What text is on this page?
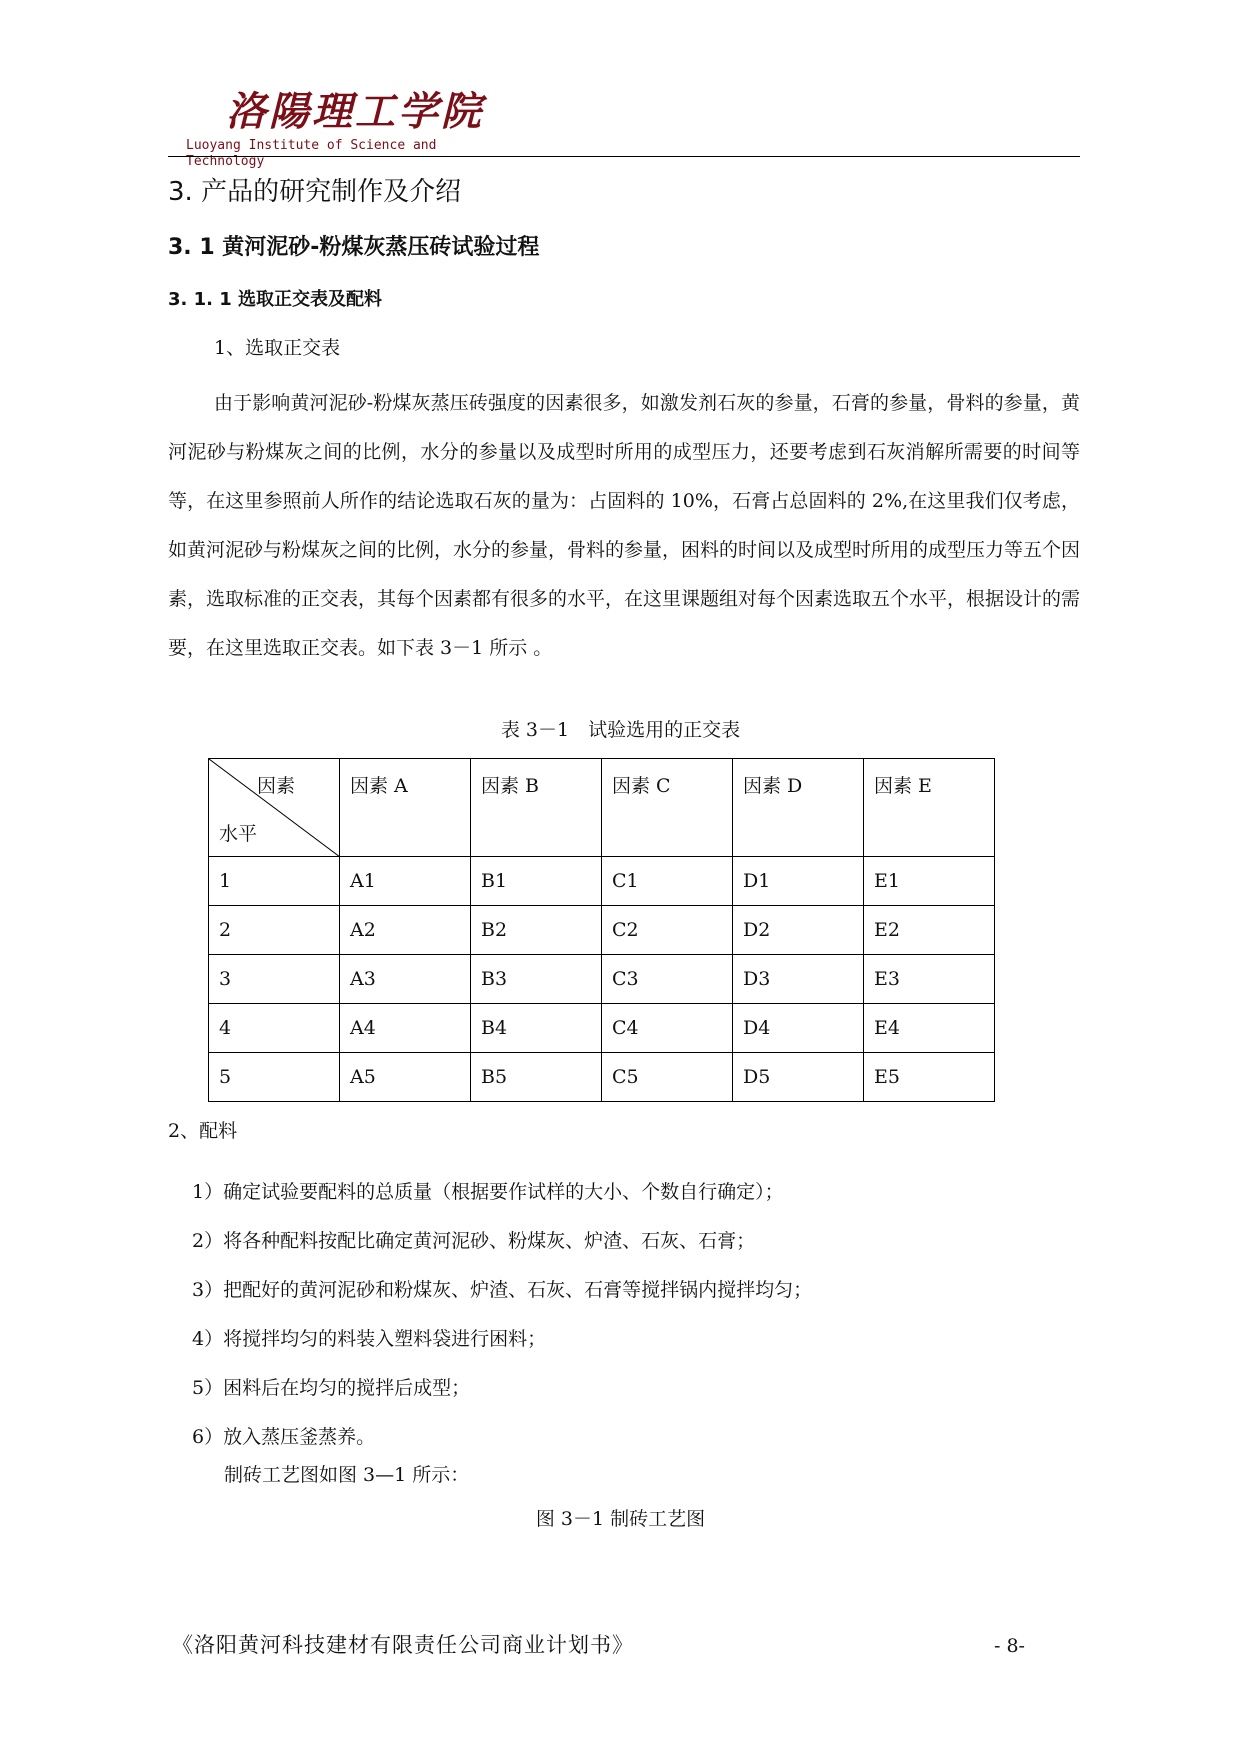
洛陽理工学院
Luoyang Institute of Science and Technology
3. 产品的研究制作及介绍
3. 1 黄河泥砂-粉煤灰蒸压砖试验过程
3. 1. 1 选取正交表及配料
1、选取正交表

由于影响黄河泥砂-粉煤灰蒸压砖强度的因素很多，如激发剂石灰的参量，石膏的参量，骨料的参量，黄河泥砂与粉煤灰之间的比例，水分的参量以及成型时所用的成型压力，还要考虑到石灰消解所需要的时间等等，在这里参照前人所作的结论选取石灰的量为：占固料的 10%，石膏占总固料的 2%,在这里我们仅考虑，如黄河泥砂与粉煤灰之间的比例，水分的参量，骨料的参量，困料的时间以及成型时所用的成型压力等五个因素，选取标准的正交表，其每个因素都有很多的水平，在这里课题组对每个因素选取五个水平，根据设计的需要，在这里选取正交表。如下表 3－1 所示 。

表 3－1　试验选用的正交表
因素
水平	因素 A	因素 B	因素 C	因素 D	因素 E
1	A1	B1	C1	D1	E1
2	A2	B2	C2	D2	E2
3	A3	B3	C3	D3	E3
4	A4	B4	C4	D4	E4
5	A5	B5	C5	D5	E5
2、配料
1）确定试验要配料的总质量（根据要作试样的大小、个数自行确定）；
2）将各种配料按配比确定黄河泥砂、粉煤灰、炉渣、石灰、石膏；
3）把配好的黄河泥砂和粉煤灰、炉渣、石灰、石膏等搅拌锅内搅拌均匀；
4）将搅拌均匀的料装入塑料袋进行困料；
5）困料后在均匀的搅拌后成型；
6）放入蒸压釜蒸养。
制砖工艺图如图 3—1 所示：
图 3－1 制砖工艺图
《洛阳黄河科技建材有限责任公司商业计划书》	- 8-
